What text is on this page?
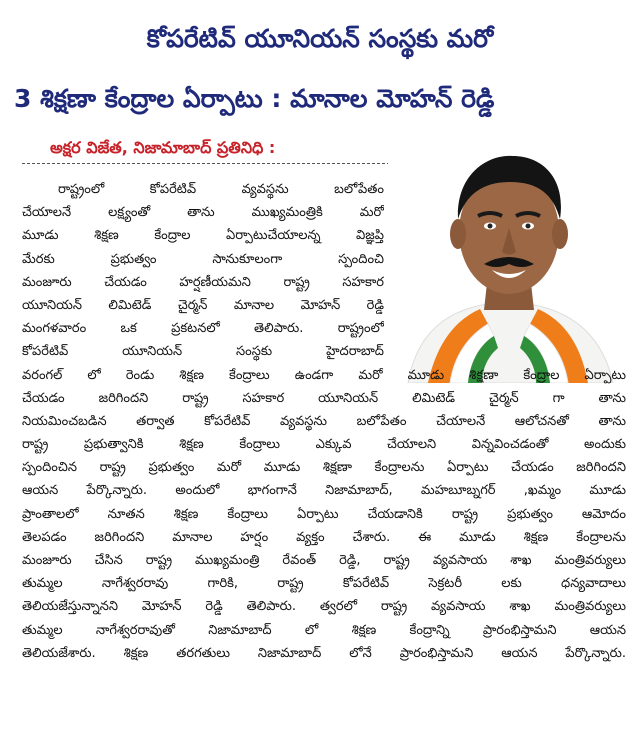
కోపరేటివ్ యూనియన్ సంస్థకు మరో
3 శిక్షణా కేంద్రాల ఏర్పాటు : మానాల మోహన్ రెడ్డి
అక్షర విజేత, నిజామాబాద్ ప్రతినిధి :
రాష్ట్రంలో కోపరేటివ్ వ్యవస్థను బలోపేతం
చేయాలనే లక్ష్యంతో తాను ముఖ్యమంత్రికి మరో
మూడు శిక్షణ కేంద్రాల ఏర్పాటుచేయాలన్న విజ్ఞప్తి
మేరకు ప్రభుత్వం సానుకూలంగా స్పందించి
మంజూరు చేయడం హర్షణీయమని రాష్ట్ర సహకార
యూనియన్ లిమిటెడ్ చైర్మన్ మానాల మోహన్ రెడ్డి
మంగళవారం ఒక ప్రకటనలో తెలిపారు. రాష్ట్రంలో
కోపరేటివ్ యూనియన్ సంస్థకు హైదరాబాద్
వరంగల్ లో రెండు శిక్షణ కేంద్రాలు ఉండగా మరో మూడు శిక్షణా కేంద్రాల ఏర్పాటు
చేయడం జరిగిందని రాష్ట్ర సహకార యూనియన్ లిమిటెడ్ చైర్మన్ గా తాను
నియమించబడిన తర్వాత కోపరేటివ్ వ్యవస్థను బలోపేతం చేయాలనే ఆలోచనతో తాను
రాష్ట్ర ప్రభుత్వానికి శిక్షణ కేంద్రాలు ఎక్కువ చేయాలని విన్నవించడంతో అందుకు
స్పందించిన రాష్ట్ర ప్రభుత్వం మరో మూడు శిక్షణా కేంద్రాలను ఏర్పాటు చేయడం జరిగిందని
ఆయన పేర్కొన్నారు. అందులో భాగంగానే నిజామాబాద్, మహబూబ్నగర్ ,ఖమ్మం మూడు
ప్రాంతాలలో నూతన శిక్షణ కేంద్రాలు ఏర్పాటు చేయడానికి రాష్ట్ర ప్రభుత్వం ఆమోదం
తెలపడం జరిగిందని మానాల హర్షం వ్యక్తం చేశారు. ఈ మూడు శిక్షణ కేంద్రాలను
మంజూరు చేసిన రాష్ట్ర ముఖ్యమంత్రి రేవంత్ రెడ్డి, రాష్ట్ర వ్యవసాయ శాఖ మంత్రివర్యులు
తుమ్మల నాగేశ్వరరావు గారికి, రాష్ట్ర కోపరేటివ్ సెక్రటరీ లకు ధన్యవాదాలు
తెలియజేస్తున్నానని మోహన్ రెడ్డి తెలిపారు. త్వరలో రాష్ట్ర వ్యవసాయ శాఖ మంత్రివర్యులు
తుమ్మల నాగేశ్వరరావుతో నిజామాబాద్ లో శిక్షణ కేంద్రాన్ని ప్రారంభిస్తామని ఆయన
తెలియజేశారు. శిక్షణ తరగతులు నిజామాబాద్ లోనే ప్రారంభిస్తామని ఆయన పేర్కొన్నారు.
